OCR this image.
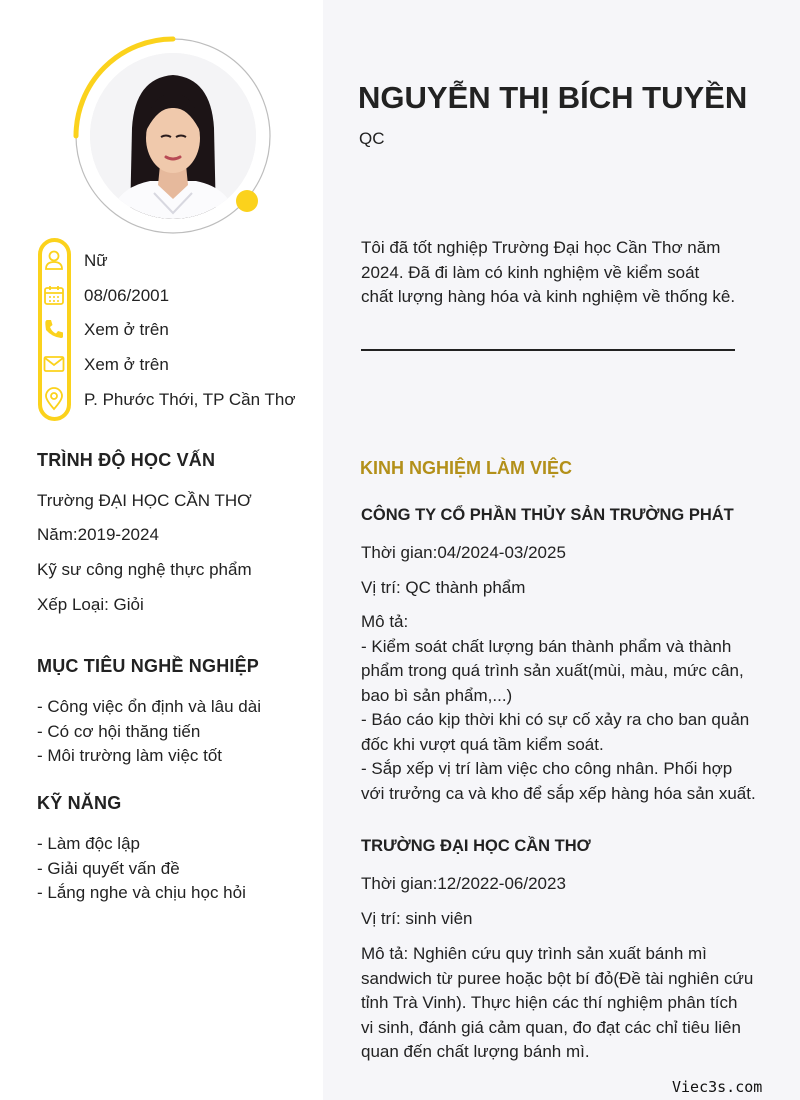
Nữ
08/06/2001
Xem ở trên
Xem ở trên
P. Phước Thới, TP Cần Thơ
TRÌNH ĐỘ HỌC VẤN
Trường ĐẠI HỌC CẦN THƠ
Năm:2019-2024
Kỹ sư công nghệ thực phẩm
Xếp Loại: Giỏi
MỤC TIÊU NGHỀ NGHIỆP
- Công việc ổn định và lâu dài
- Có cơ hội thăng tiến
- Môi trường làm việc tốt
KỸ NĂNG
- Làm độc lập
- Giải quyết vấn đề
- Lắng nghe và chịu học hỏi
NGUYỄN THỊ BÍCH TUYỀN
QC
Tôi đã tốt nghiệp Trường Đại học Cần Thơ năm
2024. Đã đi làm có kinh nghiệm về kiểm soát
chất lượng hàng hóa và kinh nghiệm về thống kê.
KINH NGHIỆM LÀM VIỆC
CÔNG TY CỔ PHẦN THỦY SẢN TRƯỜNG PHÁT
Thời gian:04/2024-03/2025
Vị trí: QC thành phẩm
Mô tả:
- Kiểm soát chất lượng bán thành phẩm và thành
phẩm trong quá trình sản xuất(mùi, màu, mức cân,
bao bì sản phẩm,...)
- Báo cáo kịp thời khi có sự cố xảy ra cho ban quản
đốc khi vượt quá tầm kiểm soát.
- Sắp xếp vị trí làm việc cho công nhân. Phối hợp
với trưởng ca và kho để sắp xếp hàng hóa sản xuất.
TRƯỜNG ĐẠI HỌC CẦN THƠ
Thời gian:12/2022-06/2023
Vị trí: sinh viên
Mô tả: Nghiên cứu quy trình sản xuất bánh mì
sandwich từ puree hoặc bột bí đỏ(Đề tài nghiên cứu
tỉnh Trà Vinh). Thực hiện các thí nghiệm phân tích
vi sinh, đánh giá cảm quan, đo đạt các chỉ tiêu liên
quan đến chất lượng bánh mì.
Viec3s.com
